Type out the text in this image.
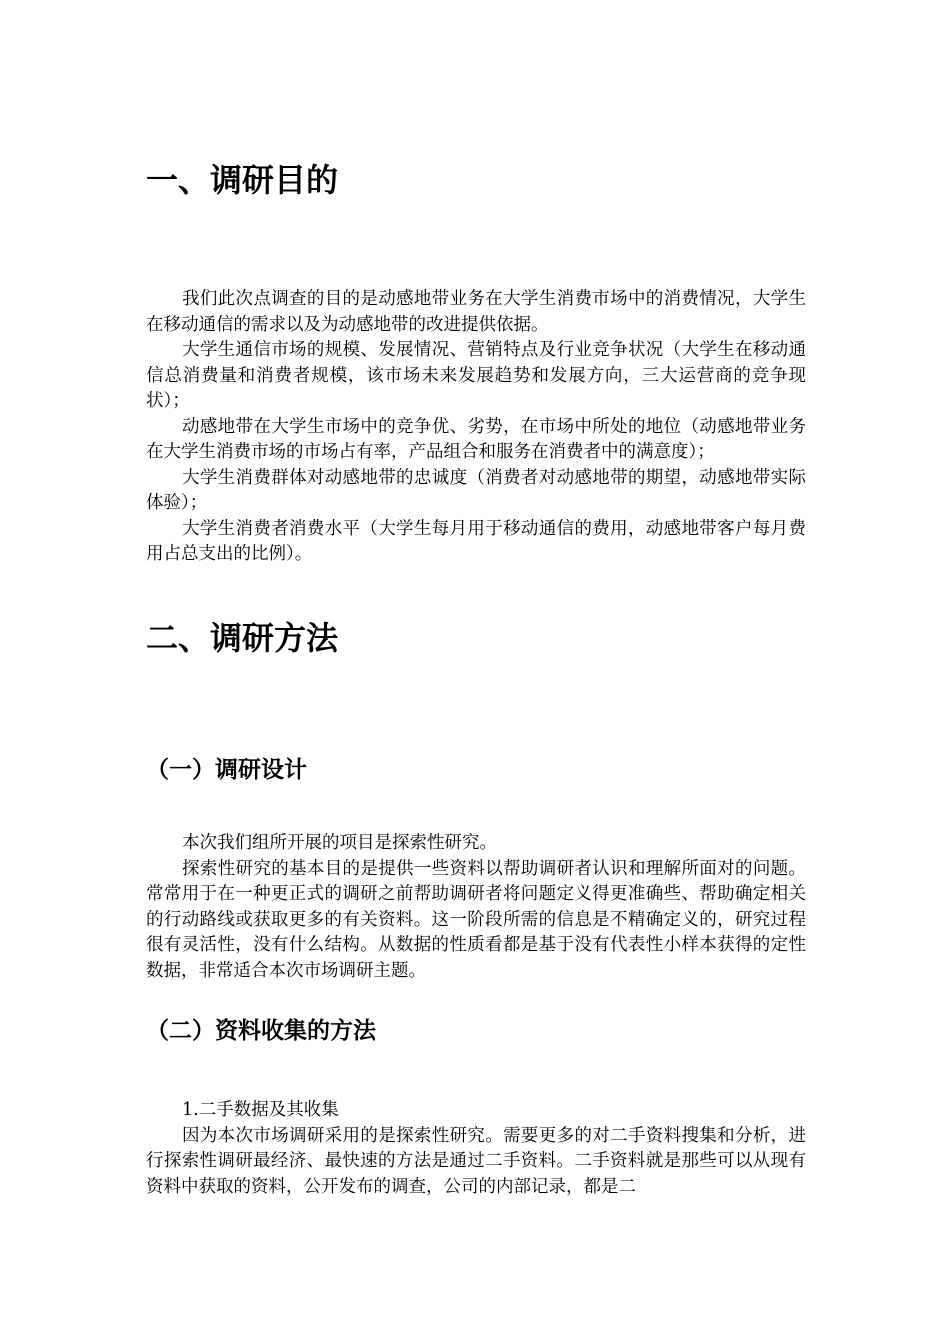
一、调研目的

我们此次点调查的目的是动感地带业务在大学生消费市场中的消费情况，大学生在移动通信的需求以及为动感地带的改进提供依据。

大学生通信市场的规模、发展情况、营销特点及行业竞争状况（大学生在移动通信总消费量和消费者规模，该市场未来发展趋势和发展方向，三大运营商的竞争现状）；

动感地带在大学生市场中的竞争优、劣势，在市场中所处的地位（动感地带业务在大学生消费市场的市场占有率，产品组合和服务在消费者中的满意度）；

大学生消费群体对动感地带的忠诚度（消费者对动感地带的期望，动感地带实际体验）；

大学生消费者消费水平（大学生每月用于移动通信的费用，动感地带客户每月费用占总支出的比例）。

二、调研方法
（一）调研设计

本次我们组所开展的项目是探索性研究。

探索性研究的基本目的是提供一些资料以帮助调研者认识和理解所面对的问题。常常用于在一种更正式的调研之前帮助调研者将问题定义得更准确些、帮助确定相关的行动路线或获取更多的有关资料。这一阶段所需的信息是不精确定义的，研究过程很有灵活性，没有什么结构。从数据的性质看都是基于没有代表性小样本获得的定性数据，非常适合本次市场调研主题。

（二）资料收集的方法

1.二手数据及其收集

因为本次市场调研采用的是探索性研究。需要更多的对二手资料搜集和分析，进行探索性调研最经济、最快速的方法是通过二手资料。二手资料就是那些可以从现有资料中获取的资料，公开发布的调查，公司的内部记录，都是二
